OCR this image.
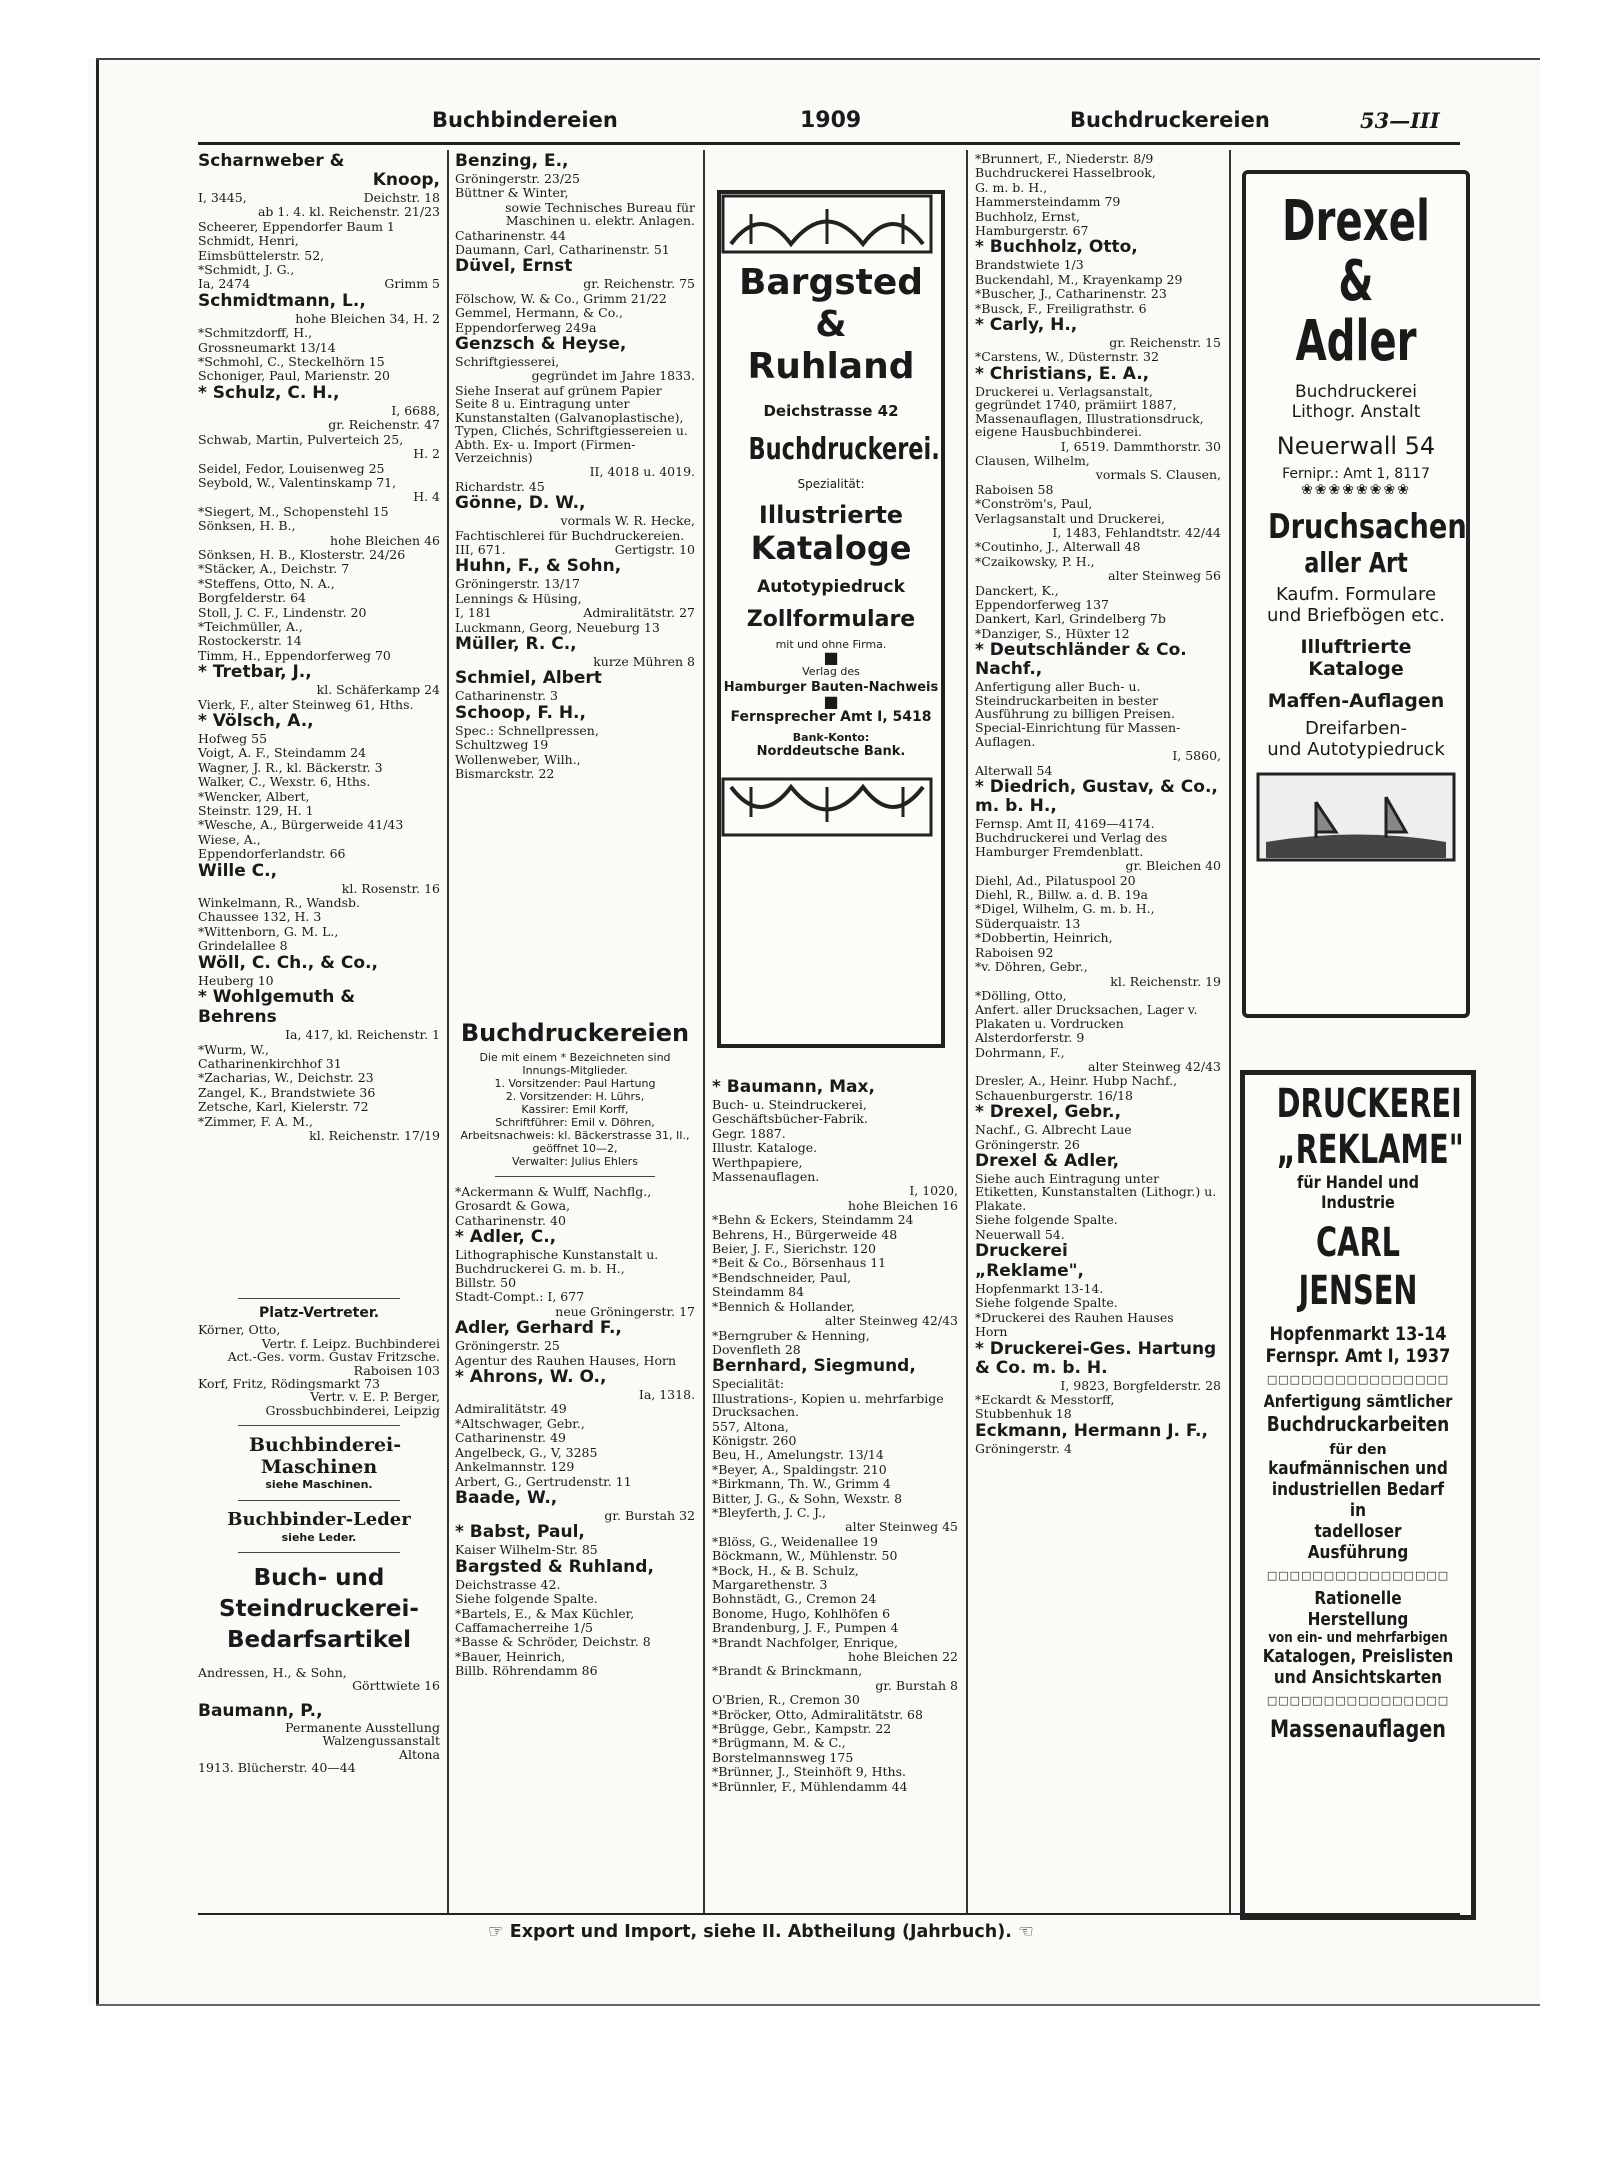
Buchbindereien	1909	Buchdruckereien	53—III
Scharnweber &
Knoop,
I, 3445,	Deichstr. 18
ab 1. 4. kl. Reichenstr. 21/23
Scheerer, Eppendorfer Baum 1
Schmidt, Henri,
Eimsbüttelerstr. 52,
*Schmidt, J. G.,
Ia, 2474	Grimm 5
Schmidtmann, L.,
hohe Bleichen 34, H. 2
*Schmitzdorff, H.,
Grossneumarkt 13/14
*Schmohl, C., Steckelhörn 15
Schoniger, Paul, Marienstr. 20
* Schulz, C. H.,
I, 6688,
gr. Reichenstr. 47
Schwab, Martin, Pulverteich 25,
H. 2
Seidel, Fedor, Louisenweg 25
Seybold, W., Valentinskamp 71,
H. 4
*Siegert, M., Schopenstehl 15
Sönksen, H. B.,
hohe Bleichen 46
Sönksen, H. B., Klosterstr. 24/26
*Stäcker, A., Deichstr. 7
*Steffens, Otto, N. A.,
Borgfelderstr. 64
Stoll, J. C. F., Lindenstr. 20
*Teichmüller, A.,
Rostockerstr. 14
Timm, H., Eppendorferweg 70
* Tretbar, J.,
kl. Schäferkamp 24
Vierk, F., alter Steinweg 61, Hths.
* Völsch, A.,
Hofweg 55
Voigt, A. F., Steindamm 24
Wagner, J. R., kl. Bäckerstr. 3
Walker, C., Wexstr. 6, Hths.
*Wencker, Albert,
Steinstr. 129, H. 1
*Wesche, A., Bürgerweide 41/43
Wiese, A.,
Eppendorferlandstr. 66
Wille C.,
kl. Rosenstr. 16
Winkelmann, R., Wandsb.
Chaussee 132, H. 3
*Wittenborn, G. M. L.,
Grindelallee 8
Wöll, C. Ch., & Co.,
Heuberg 10
* Wohlgemuth &
Behrens
Ia, 417, kl. Reichenstr. 1
*Wurm, W.,
Catharinenkirchhof 31
*Zacharias, W., Deichstr. 23
Zangel, K., Brandstwiete 36
Zetsche, Karl, Kielerstr. 72
*Zimmer, F. A. M.,
kl. Reichenstr. 17/19
Platz-Vertreter.
Körner, Otto,
Vertr. f. Leipz. Buchbinderei
Act.-Ges. vorm. Gustav Fritzsche.
Raboisen 103
Korf, Fritz, Rödingsmarkt 73
Vertr. v. E. P. Berger,
Grossbuchbinderei, Leipzig
Buchbinderei-Maschinen
siehe Maschinen.
Buchbinder-Leder
siehe Leder.
Buch- und Steindruckerei-Bedarfsartikel
Andressen, H., & Sohn,
Görttwiete 16
Baumann, P.,
Permanente Ausstellung
Walzengussanstalt
Altona
1913. Blücherstr. 40—44
Benzing, E.,
Gröningerstr. 23/25
Büttner & Winter,
sowie Technisches Bureau für Maschinen u. elektr. Anlagen.
Catharinenstr. 44
Daumann, Carl, Catharinenstr. 51
Düvel, Ernst
gr. Reichenstr. 75
Fölschow, W. & Co., Grimm 21/22
Gemmel, Hermann, & Co.,
Eppendorferweg 249a
Genzsch & Heyse,
Schriftgiesserei,
gegründet im Jahre 1833.
Siehe Inserat auf grünem Papier Seite 8 u. Eintragung unter Kunstanstalten (Galvanoplastische), Typen, Clichés, Schriftgiessereien u. Abth. Ex- u. Import (Firmen-Verzeichnis)
II, 4018 u. 4019.
Richardstr. 45
Gönne, D. W.,
vormals W. R. Hecke,
Fachtischlerei für Buchdruckereien.
III, 671.	Gertigstr. 10
Huhn, F., & Sohn,
Gröningerstr. 13/17
Lennings & Hüsing,
I, 181	Admiralitätstr. 27
Luckmann, Georg, Neueburg 13
Müller, R. C.,
kurze Mühren 8
Schmiel, Albert
Catharinenstr. 3
Schoop, F. H.,
Spec.: Schnellpressen,
Schultzweg 19
Wollenweber, Wilh.,
Bismarckstr. 22
Buchdruckereien
Die mit einem * Bezeichneten sind Innungs-Mitglieder.
1. Vorsitzender: Paul Hartung
2. Vorsitzender: H. Lührs,
Kassirer: Emil Korff,
Schriftführer: Emil v. Döhren,
Arbeitsnachweis: kl. Bäckerstrasse 31, II., geöffnet 10—2,
Verwalter: Julius Ehlers
*Ackermann & Wulff, Nachflg.,
Grosardt & Gowa,
Catharinenstr. 40
* Adler, C.,
Lithographische Kunstanstalt u. Buchdruckerei G. m. b. H.,
Billstr. 50
Stadt-Compt.: I, 677
neue Gröningerstr. 17
Adler, Gerhard F.,
Gröningerstr. 25
Agentur des Rauhen Hauses, Horn
* Ahrons, W. O.,
Ia, 1318.
Admiralitätstr. 49
*Altschwager, Gebr.,
Catharinenstr. 49
Angelbeck, G., V, 3285
Ankelmannstr. 129
Arbert, G., Gertrudenstr. 11
Baade, W.,
gr. Burstah 32
* Babst, Paul,
Kaiser Wilhelm-Str. 85
Bargsted & Ruhland,
Deichstrasse 42.
Siehe folgende Spalte.
*Bartels, E., & Max Küchler,
Caffamacherreihe 1/5
*Basse & Schröder, Deichstr. 8
*Bauer, Heinrich,
Billb. Röhrendamm 86
Bargsted &
Ruhland
Deichstrasse 42
Buchdruckerei.
Spezialität:
Illustrierte
Kataloge
Autotypiedruck
Zollformulare
mit und ohne Firma.
■
Verlag des
Hamburger Bauten-Nachweis
■
Fernsprecher Amt I, 5418
Bank-Konto:
Norddeutsche Bank.
* Baumann, Max,
Buch- u. Steindruckerei,
Geschäftsbücher-Fabrik.
Gegr. 1887.
Illustr. Kataloge.
Werthpapiere,
Massenauflagen.
I, 1020,
hohe Bleichen 16
*Behn & Eckers, Steindamm 24
Behrens, H., Bürgerweide 48
Beier, J. F., Sierichstr. 120
*Beit & Co., Börsenhaus 11
*Bendschneider, Paul,
Steindamm 84
*Bennich & Hollander,
alter Steinweg 42/43
*Berngruber & Henning,
Dovenfleth 28
Bernhard, Siegmund,
Specialität:
Illustrations-, Kopien u. mehrfarbige Drucksachen.
557, Altona,
Königstr. 260
Beu, H., Amelungstr. 13/14
*Beyer, A., Spaldingstr. 210
*Birkmann, Th. W., Grimm 4
Bitter, J. G., & Sohn, Wexstr. 8
*Bleyferth, J. C. J.,
alter Steinweg 45
*Blöss, G., Weidenallee 19
Böckmann, W., Mühlenstr. 50
*Bock, H., & B. Schulz,
Margarethenstr. 3
Bohnstädt, G., Cremon 24
Bonome, Hugo, Kohlhöfen 6
Brandenburg, J. F., Pumpen 4
*Brandt Nachfolger, Enrique,
hohe Bleichen 22
*Brandt & Brinckmann,
gr. Burstah 8
O'Brien, R., Cremon 30
*Bröcker, Otto, Admiralitätstr. 68
*Brügge, Gebr., Kampstr. 22
*Brügmann, M. & C.,
Borstelmannsweg 175
*Brünner, J., Steinhöft 9, Hths.
*Brünnler, F., Mühlendamm 44
*Brunnert, F., Niederstr. 8/9
Buchdruckerei Hasselbrook,
G. m. b. H.,
Hammersteindamm 79
Buchholz, Ernst,
Hamburgerstr. 67
* Buchholz, Otto,
Brandstwiete 1/3
Buckendahl, M., Krayenkamp 29
*Buscher, J., Catharinenstr. 23
*Busck, F., Freiligrathstr. 6
* Carly, H.,
gr. Reichenstr. 15
*Carstens, W., Düsternstr. 32
* Christians, E. A.,
Druckerei u. Verlagsanstalt, gegründet 1740, prämiirt 1887, Massenauflagen, Illustrationsdruck, eigene Hausbuchbinderei.
I, 6519. Dammthorstr. 30
Clausen, Wilhelm,
vormals S. Clausen,
Raboisen 58
*Conström's, Paul,
Verlagsanstalt und Druckerei,
I, 1483, Fehlandtstr. 42/44
*Coutinho, J., Alterwall 48
*Czaikowsky, P. H.,
alter Steinweg 56
Danckert, K.,
Eppendorferweg 137
Dankert, Karl, Grindelberg 7b
*Danziger, S., Hüxter 12
* Deutschländer & Co. Nachf.,
Anfertigung aller Buch- u. Steindruckarbeiten in bester Ausführung zu billigen Preisen.
Special-Einrichtung für Massen-Auflagen.
I, 5860,
Alterwall 54
* Diedrich, Gustav, & Co., m. b. H.,
Fernsp. Amt II, 4169—4174.
Buchdruckerei und Verlag des Hamburger Fremdenblatt.
gr. Bleichen 40
Diehl, Ad., Pilatuspool 20
Diehl, R., Billw. a. d. B. 19a
*Digel, Wilhelm, G. m. b. H.,
Süderquaistr. 13
*Dobbertin, Heinrich,
Raboisen 92
*v. Döhren, Gebr.,
kl. Reichenstr. 19
*Dölling, Otto,
Anfert. aller Drucksachen, Lager v. Plakaten u. Vordrucken
Alsterdorferstr. 9
Dohrmann, F.,
alter Steinweg 42/43
Dresler, A., Heinr. Hubp Nachf.,
Schauenburgerstr. 16/18
* Drexel, Gebr.,
Nachf., G. Albrecht Laue
Gröningerstr. 26
Drexel & Adler,
Siehe auch Eintragung unter Etiketten, Kunstanstalten (Lithogr.) u. Plakate.
Siehe folgende Spalte.
Neuerwall 54.
Druckerei
„Reklame",
Hopfenmarkt 13-14.
Siehe folgende Spalte.
*Druckerei des Rauhen Hauses
Horn
* Druckerei-Ges. Hartung & Co. m. b. H.
I, 9823, Borgfelderstr. 28
*Eckardt & Messtorff,
Stubbenhuk 18
Eckmann, Hermann J. F.,
Gröningerstr. 4
Drexel
& Adler
Buchdruckerei
Lithogr. Anstalt
Neuerwall 54
Fernipr.: Amt 1, 8117
❀❀❀❀❀❀❀❀
Druchsachen
aller Art
Kaufm. Formulare
und Briefbögen etc.
Illuftrierte
Kataloge
Maffen-Auflagen
Dreifarben-
und Autotypiedruck
DRUCKEREI
„REKLAME"
für Handel und Industrie
CARL JENSEN
Hopfenmarkt 13-14
Fernspr. Amt I, 1937
□□□□□□□□□□□□□□□□
Anfertigung sämtlicher
Buchdruckarbeiten
für den
kaufmännischen und
industriellen Bedarf in
tadelloser Ausführung
□□□□□□□□□□□□□□□□
Rationelle Herstellung
von ein- und mehrfarbigen
Katalogen, Preislisten
und Ansichtskarten
□□□□□□□□□□□□□□□□
Massenauflagen
☞ Export und Import, siehe II. Abtheilung (Jahrbuch). ☜
